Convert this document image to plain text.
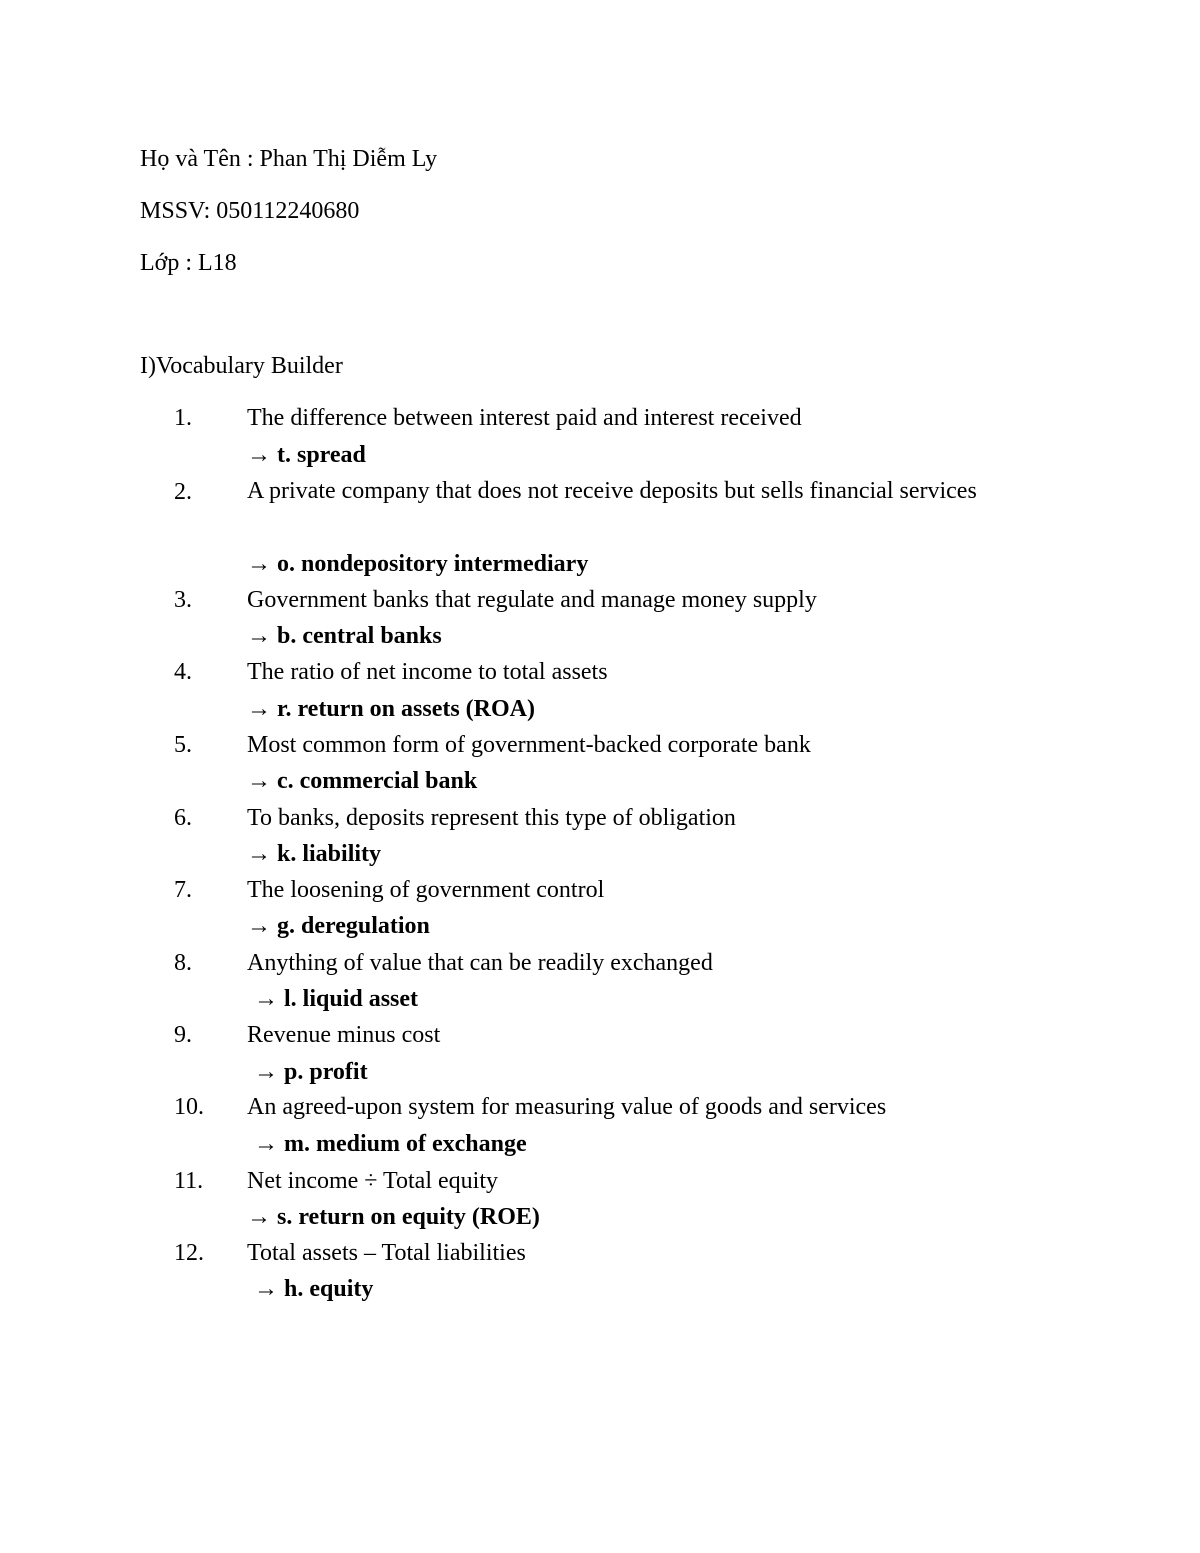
Họ và Tên : Phan Thị Diễm Ly
MSSV: 050112240680
Lớp : L18
I)Vocabulary Builder
1.	The difference between interest paid and interest received
→ t. spread
2.	A private company that does not receive deposits but sells financial services
→ o. nondepository intermediary
3.	Government banks that regulate and manage money supply
→ b. central banks
4.	The ratio of net income to total assets
→ r. return on assets (ROA)
5.	Most common form of government-backed corporate bank
→ c. commercial bank
6.	To banks, deposits represent this type of obligation
→ k. liability
7.	The loosening of government control
→ g. deregulation
8.	Anything of value that can be readily exchanged
→ l. liquid asset
9.	Revenue minus cost
→ p. profit
10.	An agreed-upon system for measuring value of goods and services
→ m. medium of exchange
11.	Net income ÷ Total equity
→ s. return on equity (ROE)
12.	Total assets – Total liabilities
→ h. equity
